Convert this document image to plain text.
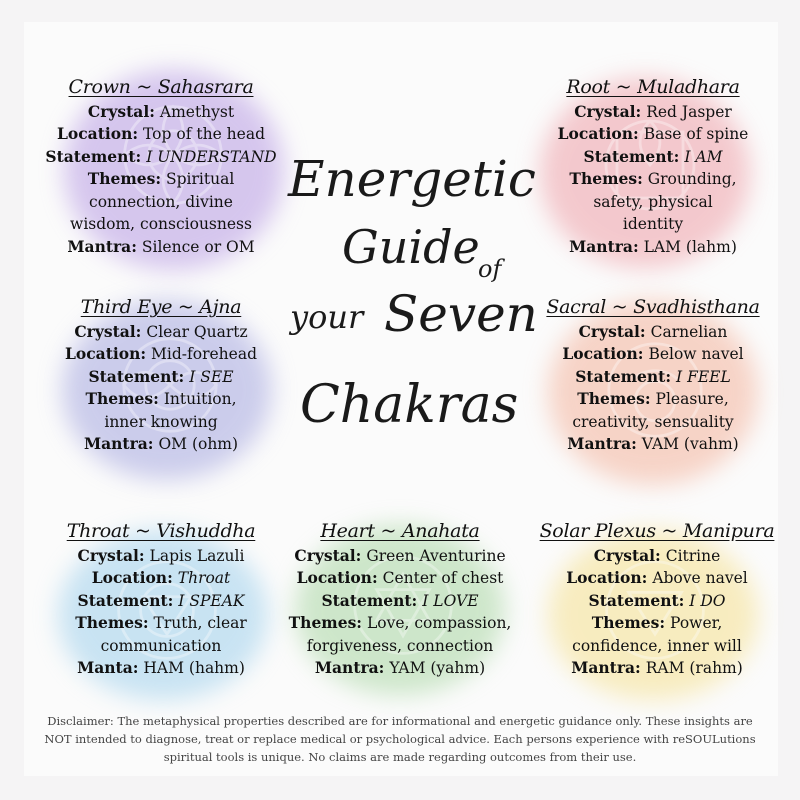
Energetic
Guide
of
your Seven
Chakras
Crown ~ Sahasrara
Crystal: Amethyst
Location: Top of the head
Statement: I UNDERSTAND
Themes: Spiritual
connection, divine
wisdom, consciousness
Mantra: Silence or OM
Root ~ Muladhara
Crystal: Red Jasper
Location: Base of spine
Statement: I AM
Themes: Grounding,
safety, physical
identity
Mantra: LAM (lahm)
Third Eye ~ Ajna
Crystal: Clear Quartz
Location: Mid-forehead
Statement: I SEE
Themes: Intuition,
inner knowing
Mantra: OM (ohm)
Sacral ~ Svadhisthana
Crystal: Carnelian
Location: Below navel
Statement: I FEEL
Themes: Pleasure,
creativity, sensuality
Mantra: VAM (vahm)
Throat ~ Vishuddha
Crystal: Lapis Lazuli
Location: Throat
Statement: I SPEAK
Themes: Truth, clear
communication
Manta: HAM (hahm)
Heart ~ Anahata
Crystal: Green Aventurine
Location: Center of chest
Statement: I LOVE
Themes: Love, compassion,
forgiveness, connection
Mantra: YAM (yahm)
Solar Plexus ~ Manipura
Crystal: Citrine
Location: Above navel
Statement: I DO
Themes: Power,
confidence, inner will
Mantra: RAM (rahm)
Disclaimer: The metaphysical properties described are for informational and energetic guidance only. These insights are
NOT intended to diagnose, treat or replace medical or psychological advice. Each persons experience with reSOULutions
spiritual tools is unique. No claims are made regarding outcomes from their use.
